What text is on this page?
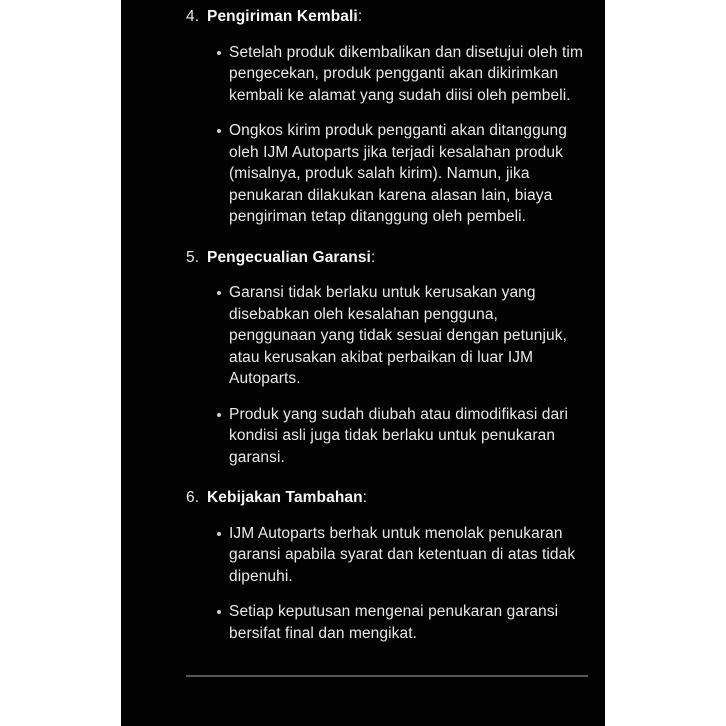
4. Pengiriman Kembali:
Setelah produk dikembalikan dan disetujui oleh tim pengecekan, produk pengganti akan dikirimkan kembali ke alamat yang sudah diisi oleh pembeli.
Ongkos kirim produk pengganti akan ditanggung oleh IJM Autoparts jika terjadi kesalahan produk (misalnya, produk salah kirim). Namun, jika penukaran dilakukan karena alasan lain, biaya pengiriman tetap ditanggung oleh pembeli.
5. Pengecualian Garansi:
Garansi tidak berlaku untuk kerusakan yang disebabkan oleh kesalahan pengguna, penggunaan yang tidak sesuai dengan petunjuk, atau kerusakan akibat perbaikan di luar IJM Autoparts.
Produk yang sudah diubah atau dimodifikasi dari kondisi asli juga tidak berlaku untuk penukaran garansi.
6. Kebijakan Tambahan:
IJM Autoparts berhak untuk menolak penukaran garansi apabila syarat dan ketentuan di atas tidak dipenuhi.
Setiap keputusan mengenai penukaran garansi bersifat final dan mengikat.
